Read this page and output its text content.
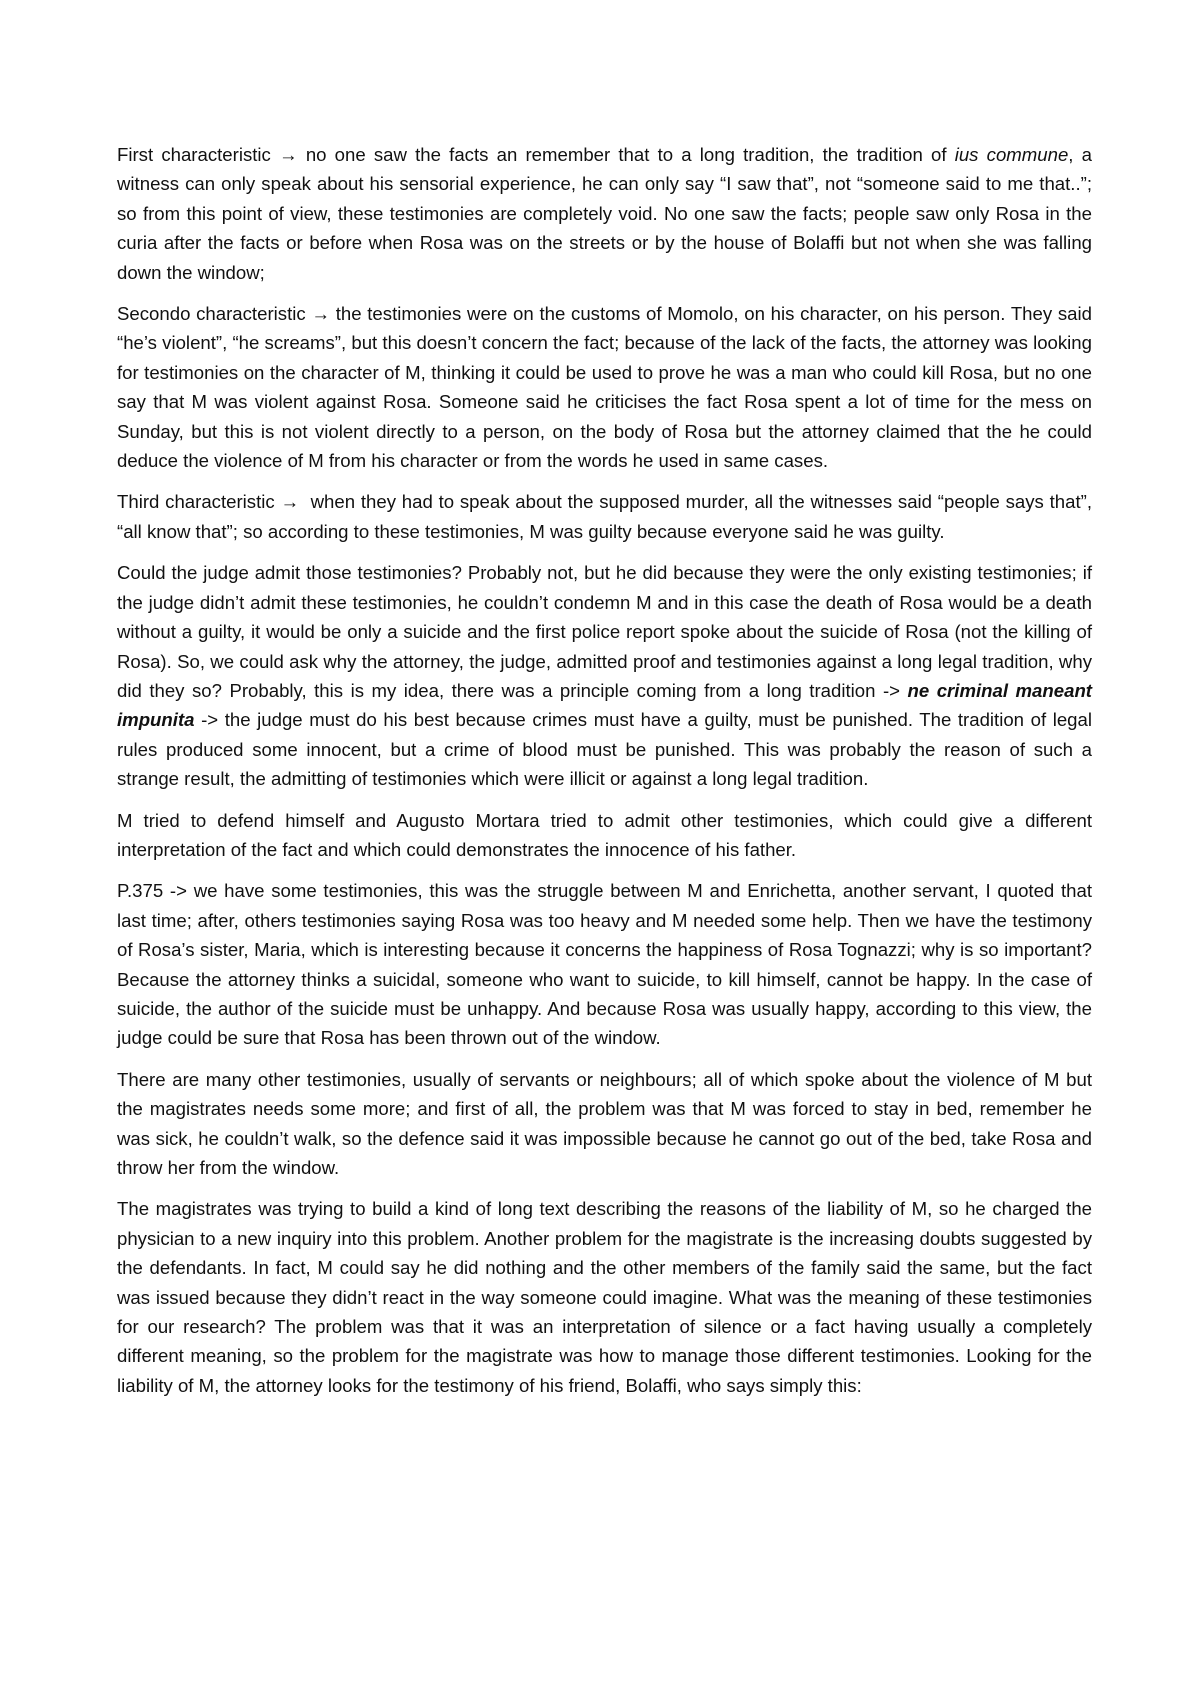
First characteristic → no one saw the facts an remember that to a long tradition, the tradition of ius commune, a witness can only speak about his sensorial experience, he can only say “I saw that”, not “someone said to me that..”; so from this point of view, these testimonies are completely void. No one saw the facts; people saw only Rosa in the curia after the facts or before when Rosa was on the streets or by the house of Bolaffi but not when she was falling down the window;

Secondo characteristic → the testimonies were on the customs of Momolo, on his character, on his person. They said “he’s violent”, “he screams”, but this doesn’t concern the fact; because of the lack of the facts, the attorney was looking for testimonies on the character of M, thinking it could be used to prove he was a man who could kill Rosa, but no one say that M was violent against Rosa. Someone said he criticises the fact Rosa spent a lot of time for the mess on Sunday, but this is not violent directly to a person, on the body of Rosa but the attorney claimed that the he could deduce the violence of M from his character or from the words he used in same cases.

Third characteristic →  when they had to speak about the supposed murder, all the witnesses said “people says that”, “all know that”; so according to these testimonies, M was guilty because everyone said he was guilty.

Could the judge admit those testimonies? Probably not, but he did because they were the only existing testimonies; if the judge didn’t admit these testimonies, he couldn’t condemn M and in this case the death of Rosa would be a death without a guilty, it would be only a suicide and the first police report spoke about the suicide of Rosa (not the killing of Rosa). So, we could ask why the attorney, the judge, admitted proof and testimonies against a long legal tradition, why did they so? Probably, this is my idea, there was a principle coming from a long tradition -> ne criminal maneant impunita -> the judge must do his best because crimes must have a guilty, must be punished. The tradition of legal rules produced some innocent, but a crime of blood must be punished. This was probably the reason of such a strange result, the admitting of testimonies which were illicit or against a long legal tradition.

M tried to defend himself and Augusto Mortara tried to admit other testimonies, which could give a different interpretation of the fact and which could demonstrates the innocence of his father.

P.375 -> we have some testimonies, this was the struggle between M and Enrichetta, another servant, I quoted that last time; after, others testimonies saying Rosa was too heavy and M needed some help. Then we have the testimony of Rosa’s sister, Maria, which is interesting because it concerns the happiness of Rosa Tognazzi; why is so important? Because the attorney thinks a suicidal, someone who want to suicide, to kill himself, cannot be happy. In the case of suicide, the author of the suicide must be unhappy. And because Rosa was usually happy, according to this view, the judge could be sure that Rosa has been thrown out of the window.

There are many other testimonies, usually of servants or neighbours; all of which spoke about the violence of M but the magistrates needs some more; and first of all, the problem was that M was forced to stay in bed, remember he was sick, he couldn’t walk, so the defence said it was impossible because he cannot go out of the bed, take Rosa and throw her from the window.

The magistrates was trying to build a kind of long text describing the reasons of the liability of M, so he charged the physician to a new inquiry into this problem. Another problem for the magistrate is the increasing doubts suggested by the defendants. In fact, M could say he did nothing and the other members of the family said the same, but the fact was issued because they didn’t react in the way someone could imagine. What was the meaning of these testimonies for our research? The problem was that it was an interpretation of silence or a fact having usually a completely different meaning, so the problem for the magistrate was how to manage those different testimonies. Looking for the liability of M, the attorney looks for the testimony of his friend, Bolaffi, who says simply this:
